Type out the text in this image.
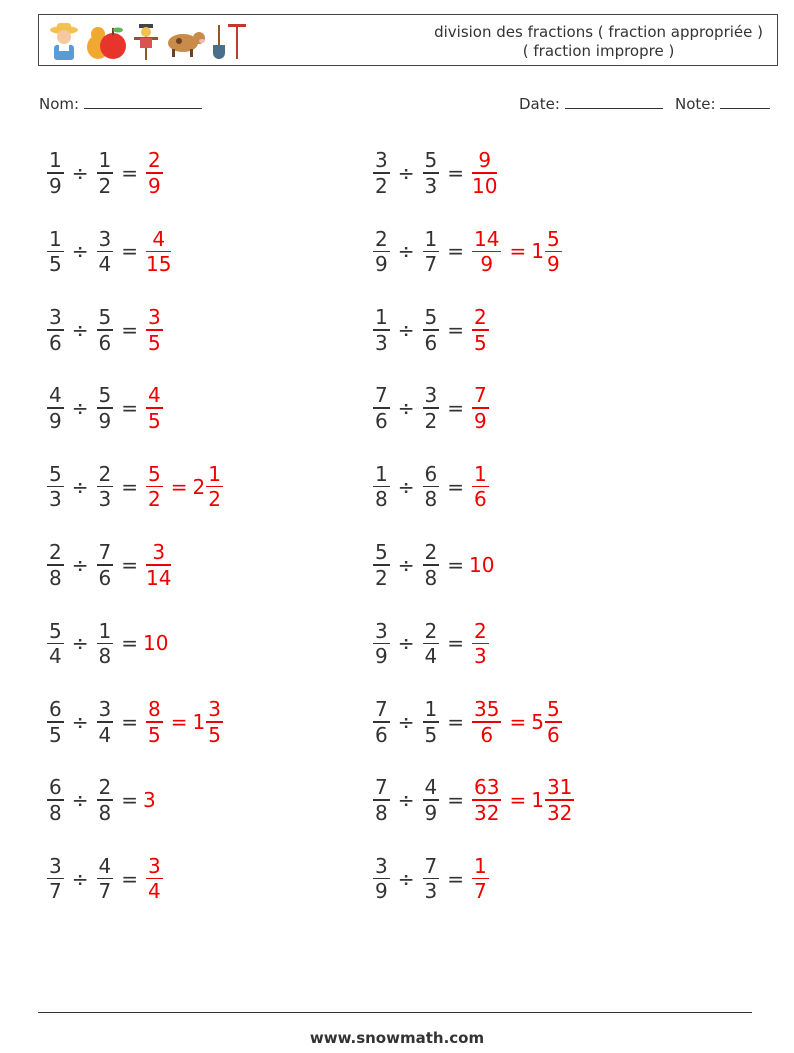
division des fractions ( fraction appropriée )
( fraction impropre )
Nom:	Date:	Note:
$\frac{1}{9} \div \frac{1}{2} = \frac{2}{9}$	$\frac{3}{2} \div \frac{5}{3} = \frac{9}{10}$
$\frac{1}{5} \div \frac{3}{4} = \frac{4}{15}$	$\frac{2}{9} \div \frac{1}{7} = \frac{14}{9} = 1 \frac{5}{9}$
$\frac{3}{6} \div \frac{5}{6} = \frac{3}{5}$	$\frac{1}{3} \div \frac{5}{6} = \frac{2}{5}$
$\frac{4}{9} \div \frac{5}{9} = \frac{4}{5}$	$\frac{7}{6} \div \frac{3}{2} = \frac{7}{9}$
$\frac{5}{3} \div \frac{2}{3} = \frac{5}{2} = 2 \frac{1}{2}$	$\frac{1}{8} \div \frac{6}{8} = \frac{1}{6}$
$\frac{2}{8} \div \frac{7}{6} = \frac{3}{14}$	$\frac{5}{2} \div \frac{2}{8} = 10$
$\frac{5}{4} \div \frac{1}{8} = 10$	$\frac{3}{9} \div \frac{2}{4} = \frac{2}{3}$
$\frac{6}{5} \div \frac{3}{4} = \frac{8}{5} = 1 \frac{3}{5}$	$\frac{7}{6} \div \frac{1}{5} = \frac{35}{6} = 5 \frac{5}{6}$
$\frac{6}{8} \div \frac{2}{8} = 3$	$\frac{7}{8} \div \frac{4}{9} = \frac{63}{32} = 1 \frac{31}{32}$
$\frac{3}{7} \div \frac{4}{7} = \frac{3}{4}$	$\frac{3}{9} \div \frac{7}{3} = \frac{1}{7}$
www.snowmath.com
